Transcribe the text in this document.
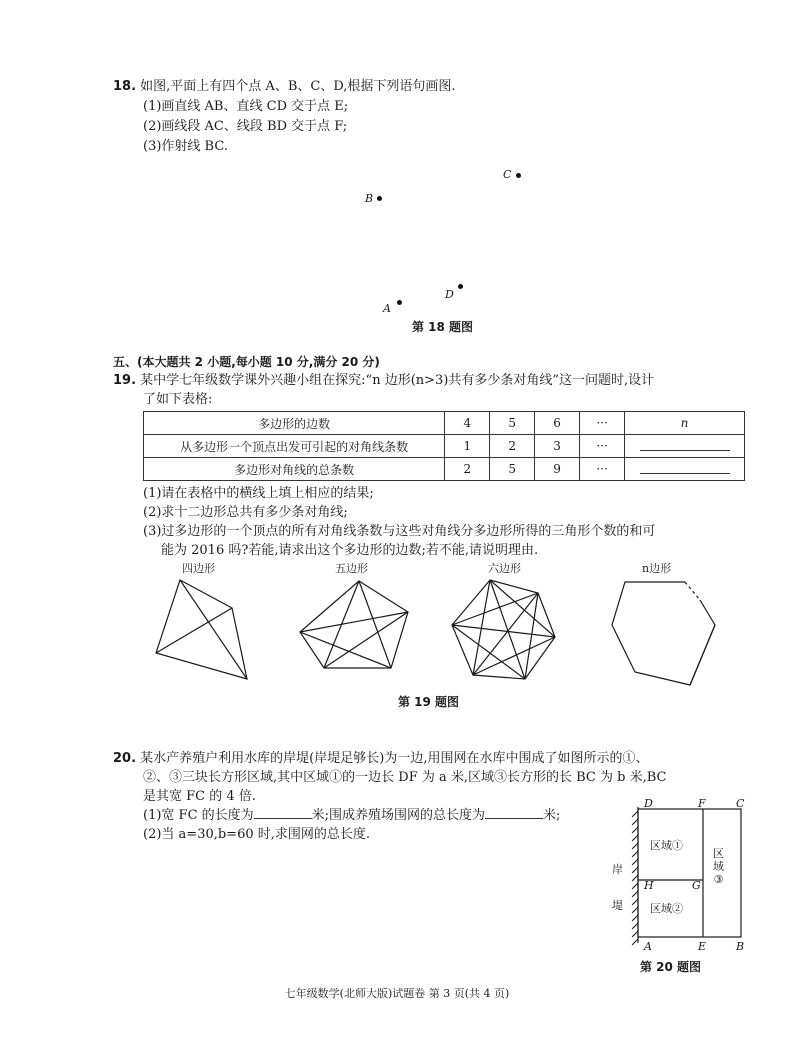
18. 如图,平面上有四个点 A、B、C、D,根据下列语句画图.
(1)画直线 AB、直线 CD 交于点 E;
(2)画线段 AC、线段 BD 交于点 F;
(3)作射线 BC.
C
B
D
A
第 18 题图
五、(本大题共 2 小题,每小题 10 分,满分 20 分)
19. 某中学七年级数学课外兴趣小组在探究:“n 边形(n>3)共有多少条对角线”这一问题时,设计
了如下表格:
多边形的边数	4	5	6	···	n
从多边形一个顶点出发可引起的对角线条数	1	2	3	···	
多边形对角线的总条数	2	5	9	···	
(1)请在表格中的横线上填上相应的结果;
(2)求十二边形总共有多少条对角线;
(3)过多边形的一个顶点的所有对角线条数与这些对角线分多边形所得的三角形个数的和可
能为 2016 吗?若能,请求出这个多边形的边数;若不能,请说明理由.
四边形	五边形	六边形	n边形
第 19 题图
20. 某水产养殖户利用水库的岸堤(岸堤足够长)为一边,用围网在水库中围成了如图所示的①、
②、③三块长方形区域,其中区域①的一边长 DF 为 a 米,区域③长方形的长 BC 为 b 米,BC
是其宽 FC 的 4 倍.
(1)宽 FC 的长度为	米;围成养殖场围网的总长度为	米;
(2)当 a=30,b=60 时,求围网的总长度.
D	F	C
H	G
A	E	B
区域①
区域②
区
域
③
岸
堤
第 20 题图
七年级数学(北师大版)试题卷 第 3 页(共 4 页)
